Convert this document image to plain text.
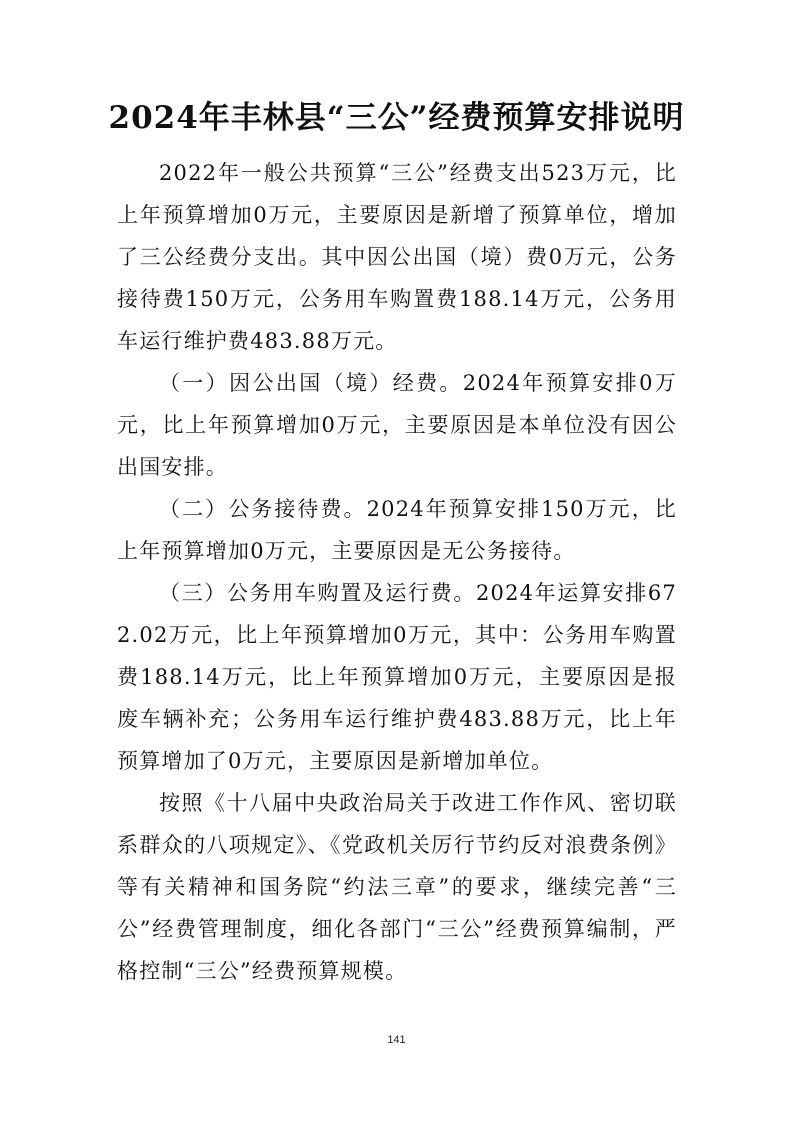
2024年丰林县“三公”经费预算安排说明

2022年一般公共预算“三公”经费支出523万元，比上年预算增加0万元，主要原因是新增了预算单位，增加了三公经费分支出。其中因公出国（境）费0万元，公务接待费150万元，公务用车购置费188.14万元，公务用车运行维护费483.88万元。

（一）因公出国（境）经费。2024年预算安排0万元，比上年预算增加0万元，主要原因是本单位没有因公出国安排。

（二）公务接待费。2024年预算安排150万元，比上年预算增加0万元，主要原因是无公务接待。

（三）公务用车购置及运行费。2024年运算安排672.02万元，比上年预算增加0万元，其中：公务用车购置费188.14万元，比上年预算增加0万元，主要原因是报废车辆补充；公务用车运行维护费483.88万元，比上年预算增加了0万元，主要原因是新增加单位。

按照《十八届中央政治局关于改进工作作风、密切联系群众的八项规定》、《党政机关厉行节约反对浪费条例》等有关精神和国务院“约法三章”的要求，继续完善“三公”经费管理制度，细化各部门“三公”经费预算编制，严格控制“三公”经费预算规模。

141
